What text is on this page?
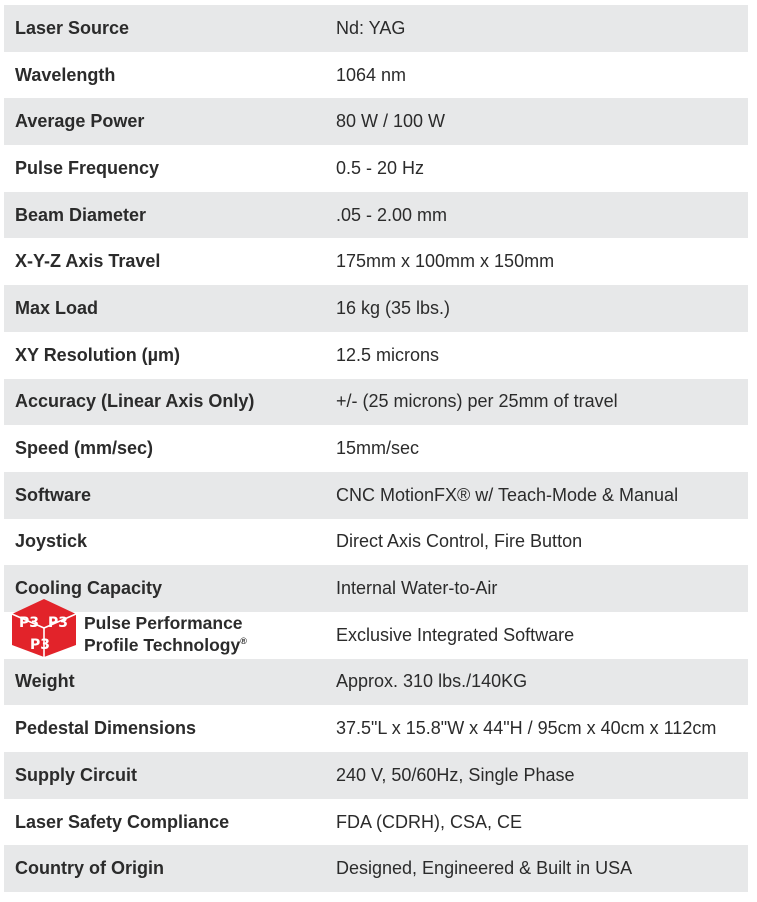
Laser Source	Nd: YAG
Wavelength	1064 nm
Average Power	80 W / 100 W
Pulse Frequency	0.5 - 20 Hz
Beam Diameter	.05 - 2.00 mm
X-Y-Z Axis Travel	175mm x 100mm x 150mm
Max Load	16 kg (35 lbs.)
XY Resolution (µm)	12.5 microns
Accuracy (Linear Axis Only)	+/- (25 microns) per 25mm of travel
Speed (mm/sec)	15mm/sec
Software	CNC MotionFX® w/ Teach-Mode & Manual
Joystick	Direct Axis Control, Fire Button
Cooling Capacity	Internal Water-to-Air
P3 P3
P3
Pulse Performance
Profile Technology®	Exclusive Integrated Software
Weight	Approx. 310 lbs./140KG
Pedestal Dimensions	37.5"L x 15.8"W x 44"H / 95cm x 40cm x 112cm
Supply Circuit	240 V, 50/60Hz, Single Phase
Laser Safety Compliance	FDA (CDRH), CSA, CE
Country of Origin	Designed, Engineered & Built in USA
